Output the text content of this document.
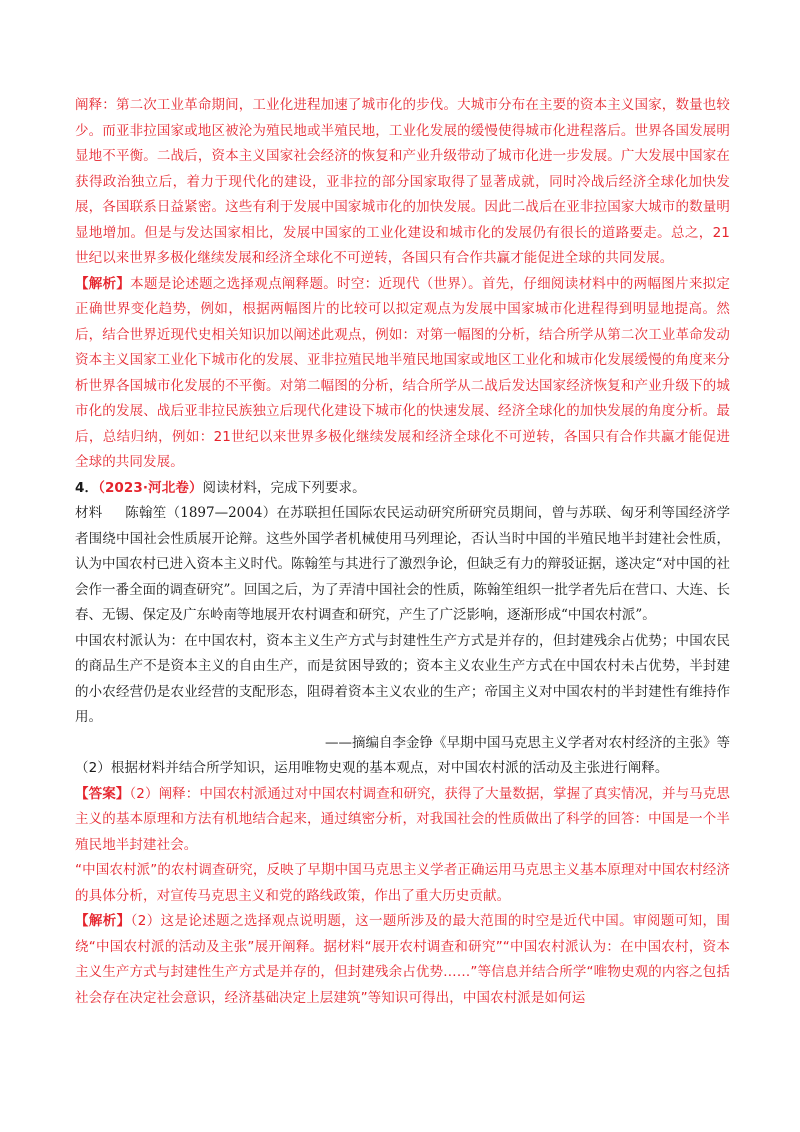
阐释：第二次工业革命期间，工业化进程加速了城市化的步伐。大城市分布在主要的资本主义国家，数量也较少。而亚非拉国家或地区被沦为殖民地或半殖民地，工业化发展的缓慢使得城市化进程落后。世界各国发展明显地不平衡。二战后，资本主义国家社会经济的恢复和产业升级带动了城市化进一步发展。广大发展中国家在获得政治独立后，着力于现代化的建设，亚非拉的部分国家取得了显著成就，同时冷战后经济全球化加快发展，各国联系日益紧密。这些有利于发展中国家城市化的加快发展。因此二战后在亚非拉国家大城市的数量明显地增加。但是与发达国家相比，发展中国家的工业化建设和城市化的发展仍有很长的道路要走。总之，21世纪以来世界多极化继续发展和经济全球化不可逆转，各国只有合作共赢才能促进全球的共同发展。

【解析】本题是论述题之选择观点阐释题。时空：近现代（世界）。首先，仔细阅读材料中的两幅图片来拟定正确世界变化趋势，例如，根据两幅图片的比较可以拟定观点为发展中国家城市化进程得到明显地提高。然后，结合世界近现代史相关知识加以阐述此观点，例如：对第一幅图的分析，结合所学从第二次工业革命发动资本主义国家工业化下城市化的发展、亚非拉殖民地半殖民地国家或地区工业化和城市化发展缓慢的角度来分析世界各国城市化发展的不平衡。对第二幅图的分析，结合所学从二战后发达国家经济恢复和产业升级下的城市化的发展、战后亚非拉民族独立后现代化建设下城市化的快速发展、经济全球化的加快发展的角度分析。最后，总结归纳，例如：21世纪以来世界多极化继续发展和经济全球化不可逆转，各国只有合作共赢才能促进全球的共同发展。

4．（2023·河北卷）阅读材料，完成下列要求。

材料 陈翰笙（1897—2004）在苏联担任国际农民运动研究所研究员期间，曾与苏联、匈牙利等国经济学者围绕中国社会性质展开论辩。这些外国学者机械使用马列理论，否认当时中国的半殖民地半封建社会性质，认为中国农村已进入资本主义时代。陈翰笙与其进行了激烈争论，但缺乏有力的辩驳证据，遂决定“对中国的社会作一番全面的调查研究”。回国之后，为了弄清中国社会的性质，陈翰笙组织一批学者先后在营口、大连、长春、无锡、保定及广东岭南等地展开农村调查和研究，产生了广泛影响，逐渐形成“中国农村派”。

中国农村派认为：在中国农村，资本主义生产方式与封建性生产方式是并存的，但封建残余占优势；中国农民的商品生产不是资本主义的自由生产，而是贫困导致的；资本主义农业生产方式在中国农村未占优势，半封建的小农经营仍是农业经营的支配形态，阻碍着资本主义农业的生产；帝国主义对中国农村的半封建性有维持作用。

——摘编自李金铮《早期中国马克思主义学者对农村经济的主张》等

（2）根据材料并结合所学知识，运用唯物史观的基本观点，对中国农村派的活动及主张进行阐释。

【答案】（2）阐释：中国农村派通过对中国农村调查和研究，获得了大量数据，掌握了真实情况，并与马克思主义的基本原理和方法有机地结合起来，通过缜密分析，对我国社会的性质做出了科学的回答：中国是一个半殖民地半封建社会。

“中国农村派”的农村调查研究，反映了早期中国马克思主义学者正确运用马克思主义基本原理对中国农村经济的具体分析，对宣传马克思主义和党的路线政策，作出了重大历史贡献。

【解析】（2）这是论述题之选择观点说明题，这一题所涉及的最大范围的时空是近代中国。审阅题可知，围绕“中国农村派的活动及主张”展开阐释。据材料“展开农村调查和研究”“中国农村派认为：在中国农村，资本主义生产方式与封建性生产方式是并存的，但封建残余占优势……”等信息并结合所学“唯物史观的内容之包括社会存在决定社会意识，经济基础决定上层建筑”等知识可得出，中国农村派是如何运
